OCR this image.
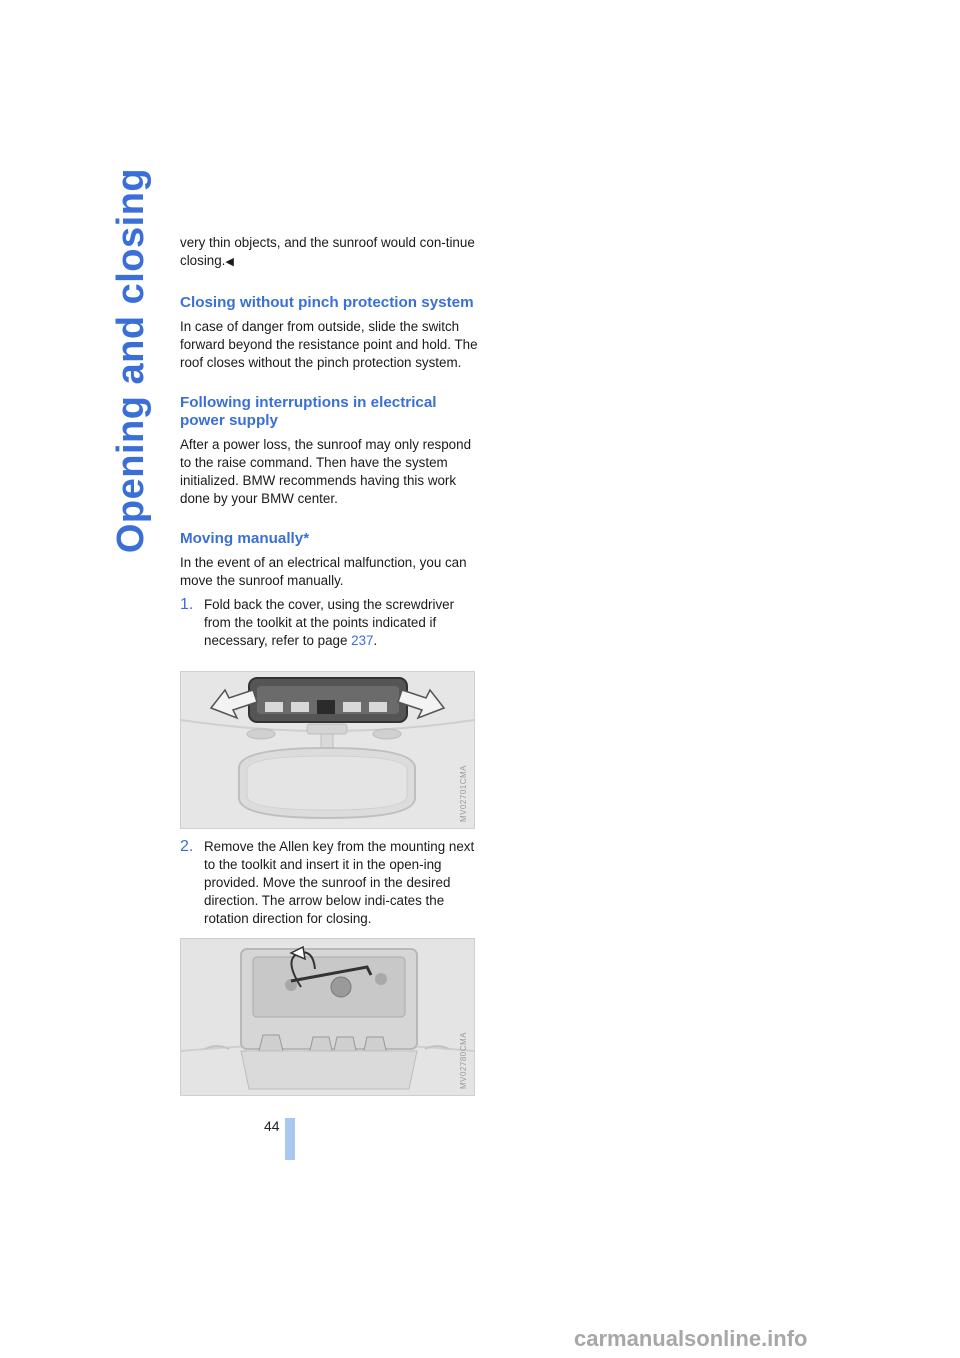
Opening and closing very thin objects, and the sunroof would con-tinue closing.◀

Closing without pinch protection system

In case of danger from outside, slide the switch forward beyond the resistance point and hold. The roof closes without the pinch protection system.

Following interruptions in electrical power supply

After a power loss, the sunroof may only respond to the raise command. Then have the system initialized. BMW recommends having this work done by your BMW center.

Moving manually*

In the event of an electrical malfunction, you can move the sunroof manually.

1. Fold back the cover, using the screwdriver from the toolkit at the points indicated if necessary, refer to page 237.

MV02701CMA
2. Remove the Allen key from the mounting next to the toolkit and insert it in the open-ing provided. Move the sunroof in the desired direction. The arrow below indi-cates the rotation direction for closing.

MV02780CMA
44
carmanualsonline.info
